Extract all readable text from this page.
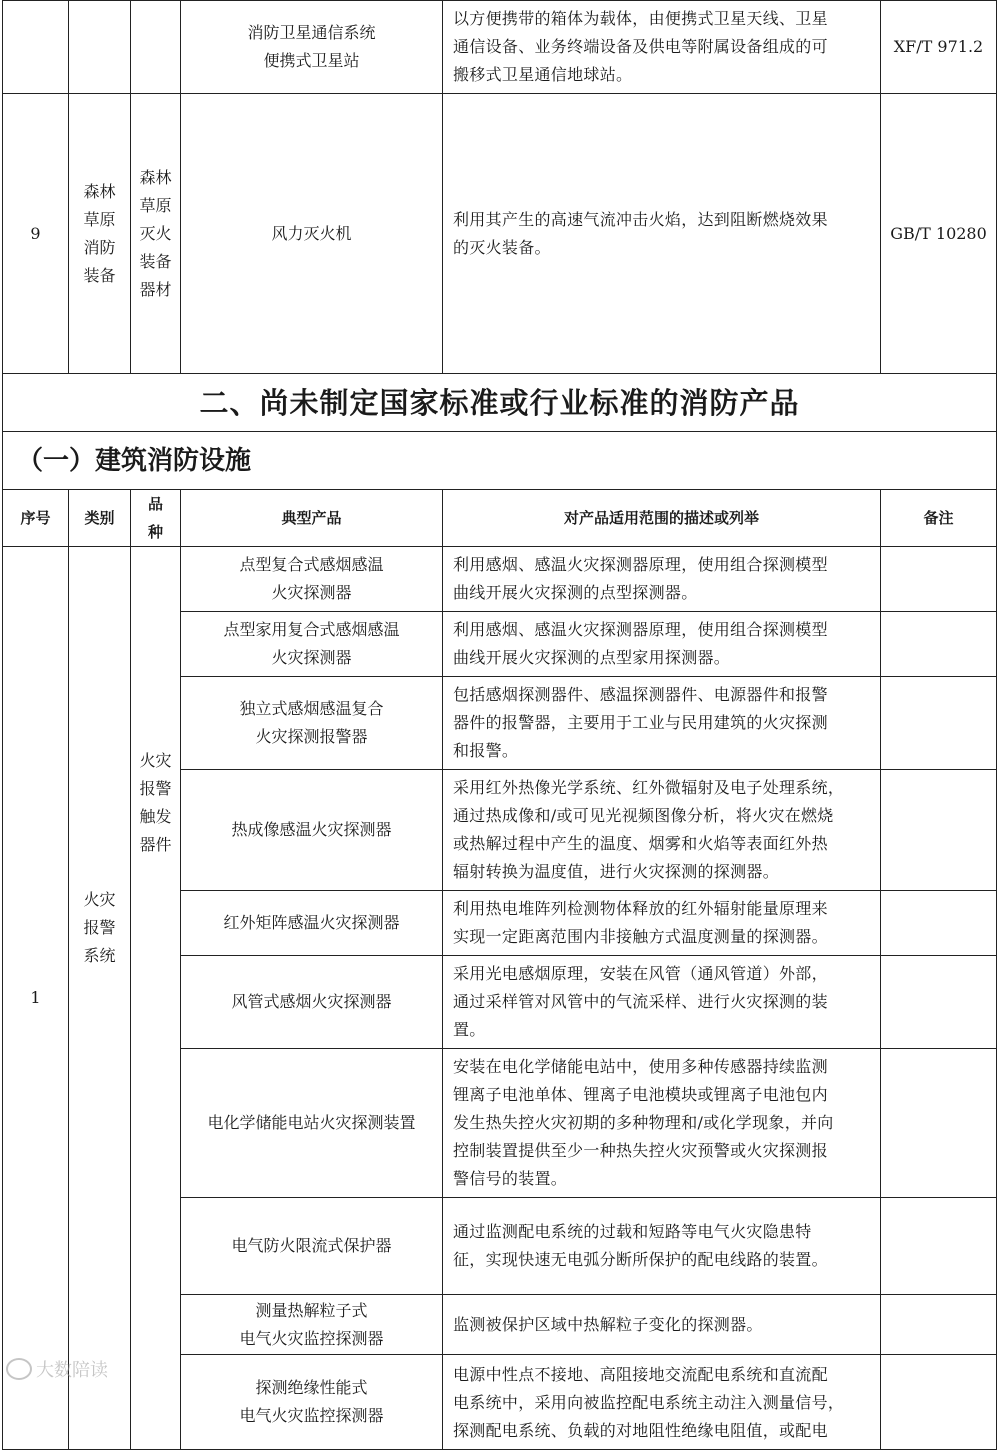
			消防卫星通信系统
便携式卫星站	以方便携带的箱体为载体，由便携式卫星天线、卫星
通信设备、业务终端设备及供电等附属设备组成的可
搬移式卫星通信地球站。	XF/T 971.2
9	森林
草原
消防
装备	森林草原灭火装备器材	风力灭火机	利用其产生的高速气流冲击火焰，达到阻断燃烧效果
的灭火装备。	GB/T 10280
二、尚未制定国家标准或行业标准的消防产品					
（一）建筑消防设施					
序号	类别	品
种	典型产品	对产品适用范围的描述或列举	备注
1	火灾
报警
系统	火灾报警触发器件	点型复合式感烟感温
火灾探测器	利用感烟、感温火灾探测器原理，使用组合探测模型
曲线开展火灾探测的点型探测器。	

			点型家用复合式感烟感温
火灾探测器	利用感烟、感温火灾探测器原理，使用组合探测模型
曲线开展火灾探测的点型家用探测器。	

			独立式感烟感温复合
火灾探测报警器	包括感烟探测器件、感温探测器件、电源器件和报警
器件的报警器，主要用于工业与民用建筑的火灾探测
和报警。	

			热成像感温火灾探测器	采用红外热像光学系统、红外微辐射及电子处理系统，
通过热成像和/或可见光视频图像分析，将火灾在燃烧
或热解过程中产生的温度、烟雾和火焰等表面红外热
辐射转换为温度值，进行火灾探测的探测器。	

			红外矩阵感温火灾探测器	利用热电堆阵列检测物体释放的红外辐射能量原理来
实现一定距离范围内非接触方式温度测量的探测器。	

			风管式感烟火灾探测器	采用光电感烟原理，安装在风管（通风管道）外部，
通过采样管对风管中的气流采样、进行火灾探测的装
置。	

			电化学储能电站火灾探测装置	安装在电化学储能电站中，使用多种传感器持续监测
锂离子电池单体、锂离子电池模块或锂离子电池包内
发生热失控火灾初期的多种物理和/或化学现象，并向
控制装置提供至少一种热失控火灾预警或火灾探测报
警信号的装置。	

			电气防火限流式保护器	通过监测配电系统的过载和短路等电气火灾隐患特
征，实现快速无电弧分断所保护的配电线路的装置。	

			测量热解粒子式
电气火灾监控探测器	监测被保护区域中热解粒子变化的探测器。	

			探测绝缘性能式
电气火灾监控探测器	电源中性点不接地、高阻接地交流配电系统和直流配
电系统中，采用向被监控配电系统主动注入测量信号，
探测配电系统、负载的对地阻性绝缘电阻值，或配电	

大数陪读
